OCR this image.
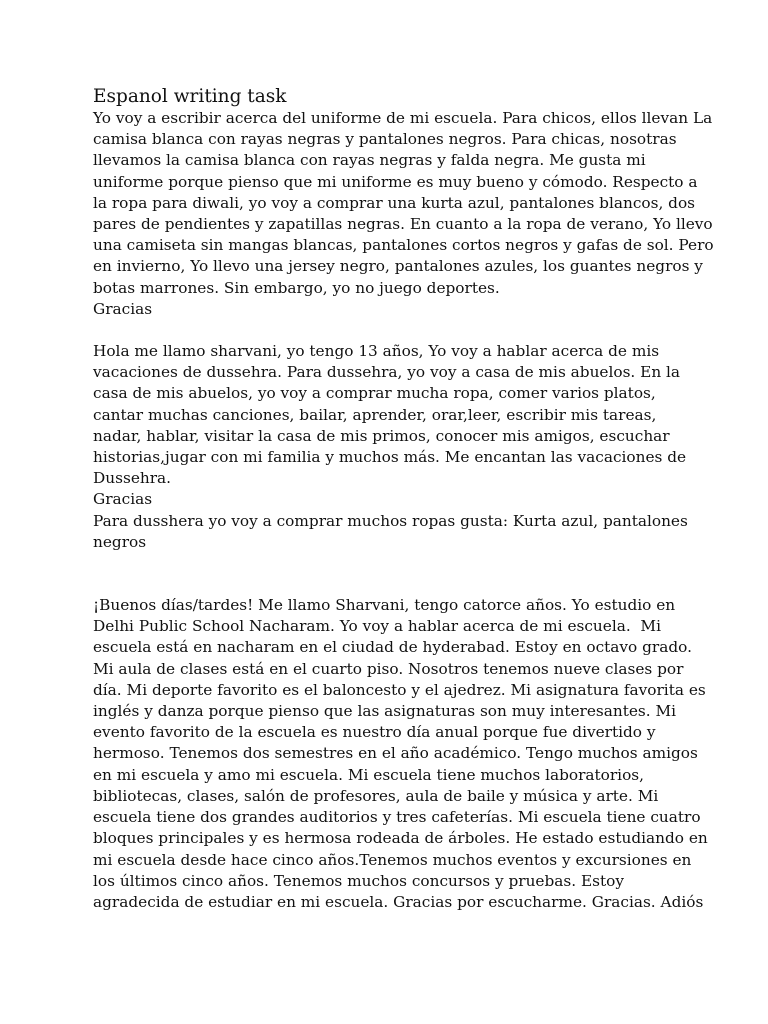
Espanol writing task
Yo voy a escribir acerca del uniforme de mi escuela. Para chicos, ellos llevan La
camisa blanca con rayas negras y pantalones negros. Para chicas, nosotras
llevamos la camisa blanca con rayas negras y falda negra. Me gusta mi
uniforme porque pienso que mi uniforme es muy bueno y cómodo. Respecto a
la ropa para diwali, yo voy a comprar una kurta azul, pantalones blancos, dos
pares de pendientes y zapatillas negras. En cuanto a la ropa de verano, Yo llevo
una camiseta sin mangas blancas, pantalones cortos negros y gafas de sol. Pero
en invierno, Yo llevo una jersey negro, pantalones azules, los guantes negros y
botas marrones. Sin embargo, yo no juego deportes.
Gracias
Hola me llamo sharvani, yo tengo 13 años, Yo voy a hablar acerca de mis
vacaciones de dussehra. Para dussehra, yo voy a casa de mis abuelos. En la
casa de mis abuelos, yo voy a comprar mucha ropa, comer varios platos,
cantar muchas canciones, bailar, aprender, orar,leer, escribir mis tareas,
nadar, hablar, visitar la casa de mis primos, conocer mis amigos, escuchar
historias,jugar con mi familia y muchos más. Me encantan las vacaciones de
Dussehra.
Gracias
Para dusshera yo voy a comprar muchos ropas gusta: Kurta azul, pantalones
negros
¡Buenos días/tardes! Me llamo Sharvani, tengo catorce años. Yo estudio en
Delhi Public School Nacharam. Yo voy a hablar acerca de mi escuela.  Mi
escuela está en nacharam en el ciudad de hyderabad. Estoy en octavo grado.
Mi aula de clases está en el cuarto piso. Nosotros tenemos nueve clases por
día. Mi deporte favorito es el baloncesto y el ajedrez. Mi asignatura favorita es
inglés y danza porque pienso que las asignaturas son muy interesantes. Mi
evento favorito de la escuela es nuestro día anual porque fue divertido y
hermoso. Tenemos dos semestres en el año académico. Tengo muchos amigos
en mi escuela y amo mi escuela. Mi escuela tiene muchos laboratorios,
bibliotecas, clases, salón de profesores, aula de baile y música y arte. Mi
escuela tiene dos grandes auditorios y tres cafeterías. Mi escuela tiene cuatro
bloques principales y es hermosa rodeada de árboles. He estado estudiando en
mi escuela desde hace cinco años.Tenemos muchos eventos y excursiones en
los últimos cinco años. Tenemos muchos concursos y pruebas. Estoy
agradecida de estudiar en mi escuela. Gracias por escucharme. Gracias. Adiós
